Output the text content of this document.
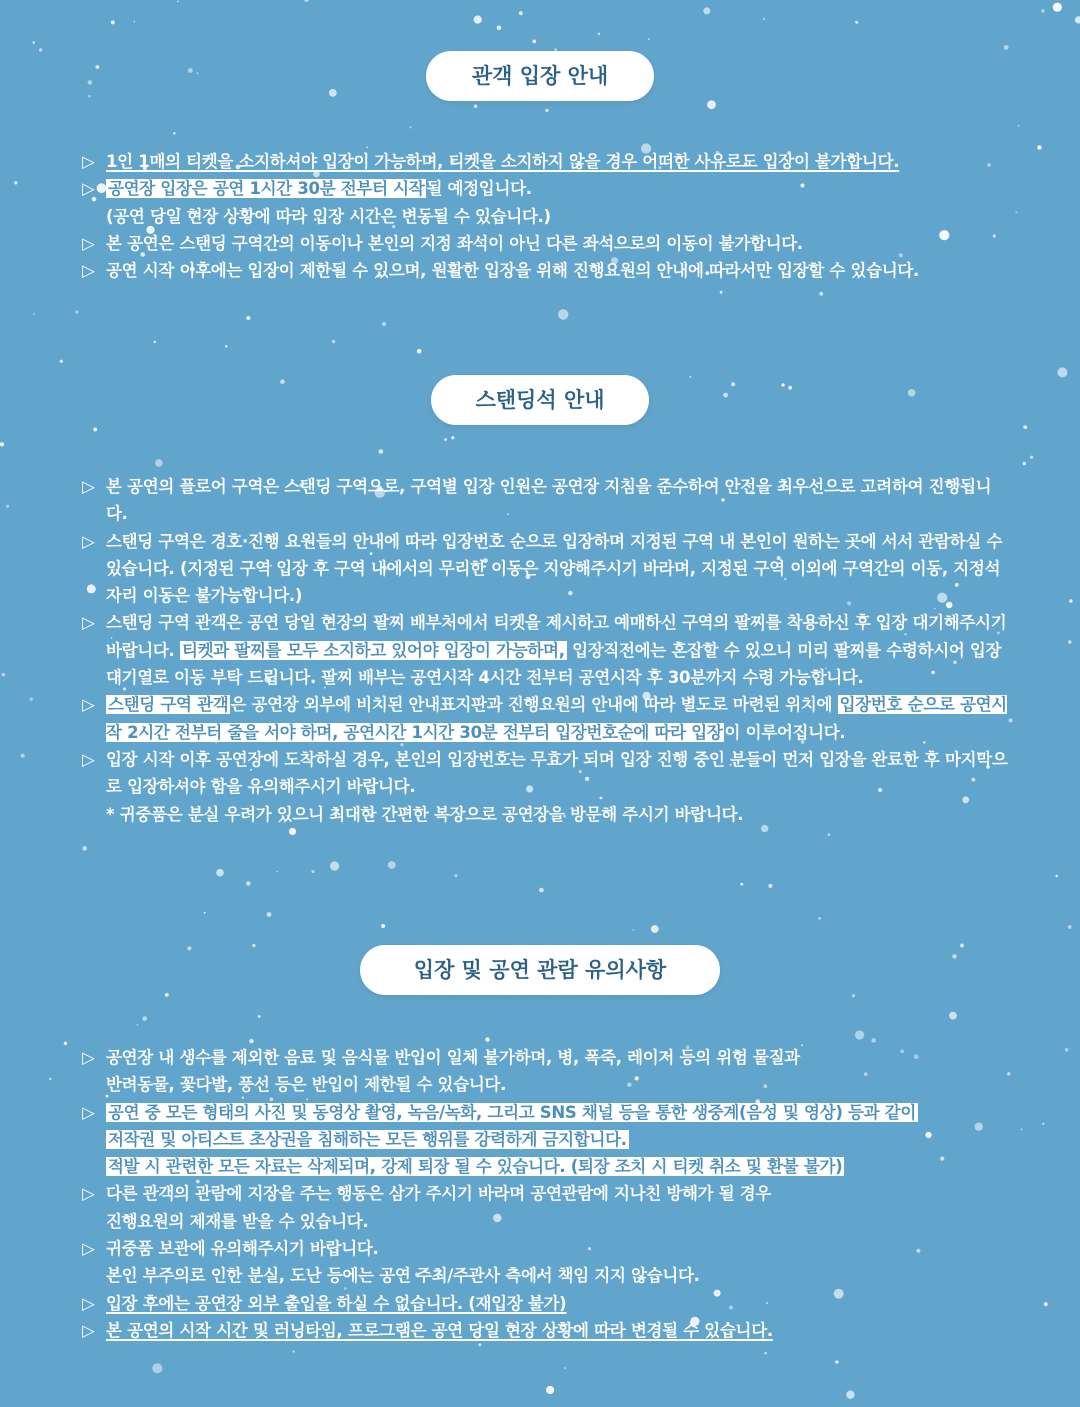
관객 입장 안내
▷ 1인 1매의 티켓을 소지하셔야 입장이 가능하며, 티켓을 소지하지 않을 경우 어떠한 사유로도 입장이 불가합니다.
▷ 공연장 입장은 공연 1시간 30분 전부터 시작 될 예정입니다.
(공연 당일 현장 상황에 따라 입장 시간은 변동될 수 있습니다.)
▷ 본 공연은 스탠딩 구역간의 이동이나 본인의 지정 좌석이 아닌 다른 좌석으로의 이동이 불가합니다.
▷ 공연 시작 이후에는 입장이 제한될 수 있으며, 원활한 입장을 위해 진행요원의 안내에 따라서만 입장할 수 있습니다.
스탠딩석 안내
▷ 본 공연의 플로어 구역은 스탠딩 구역으로, 구역별 입장 인원은 공연장 지침을 준수하여 안전을 최우선으로 고려하여 진행됩니다.
▷ 스탠딩 구역은 경호·진행 요원들의 안내에 따라 입장번호 순으로 입장하며 지정된 구역 내 본인이 원하는 곳에 서서 관람하실 수 있습니다. (지정된 구역 입장 후 구역 내에서의 무리한 이동은 지양해주시기 바라며, 지정된 구역 이외에 구역간의 이동, 지정석 자리 이동은 불가능합니다.)
▷ 스탠딩 구역 관객은 공연 당일 현장의 팔찌 배부처에서 티켓을 제시하고 예매하신 구역의 팔찌를 착용하신 후 입장 대기해주시기 바랍니다. 티켓과 팔찌를 모두 소지하고 있어야 입장이 가능하며, 입장직전에는 혼잡할 수 있으니 미리 팔찌를 수령하시어 입장 대기열로 이동 부탁 드립니다. 팔찌 배부는 공연시작 4시간 전부터 공연시작 후 30분까지 수령 가능합니다.
▷ 스탠딩 구역 관객 은 공연장 외부에 비치된 안내표지판과 진행요원의 안내에 따라 별도로 마련된 위치에 입장번호 순으로 공연시작 2시간 전부터 줄을 서야 하며, 공연시간 1시간 30분 전부터 입장번호순에 따라 입장 이 이루어집니다.
▷ 입장 시작 이후 공연장에 도착하실 경우, 본인의 입장번호는 무효가 되며 입장 진행 중인 분들이 먼저 입장을 완료한 후 마지막으로 입장하셔야 함을 유의해주시기 바랍니다.
* 귀중품은 분실 우려가 있으니 최대한 간편한 복장으로 공연장을 방문해 주시기 바랍니다.
입장 및 공연 관람 유의사항
▷ 공연장 내 생수를 제외한 음료 및 음식물 반입이 일체 불가하며, 병, 폭죽, 레이저 등의 위험 물질과
반려동물, 꽃다발, 풍선 등은 반입이 제한될 수 있습니다.
▷ 공연 중 모든 형태의 사진 및 동영상 촬영, 녹음/녹화, 그리고 SNS 채널 등을 통한 생중계(음성 및 영상) 등과 같이
저작권 및 아티스트 초상권을 침해하는 모든 행위를 강력하게 금지합니다.
적발 시 관련한 모든 자료는 삭제되며, 강제 퇴장 될 수 있습니다. (퇴장 조치 시 티켓 취소 및 환불 불가)
▷ 다른 관객의 관람에 지장을 주는 행동은 삼가 주시기 바라며 공연관람에 지나친 방해가 될 경우
진행요원의 제재를 받을 수 있습니다.
▷ 귀중품 보관에 유의해주시기 바랍니다.
본인 부주의로 인한 분실, 도난 등에는 공연 주최/주관사 측에서 책임 지지 않습니다.
▷ 입장 후에는 공연장 외부 출입을 하실 수 없습니다. (재입장 불가)
▷ 본 공연의 시작 시간 및 러닝타임, 프로그램은 공연 당일 현장 상황에 따라 변경될 수 있습니다.
